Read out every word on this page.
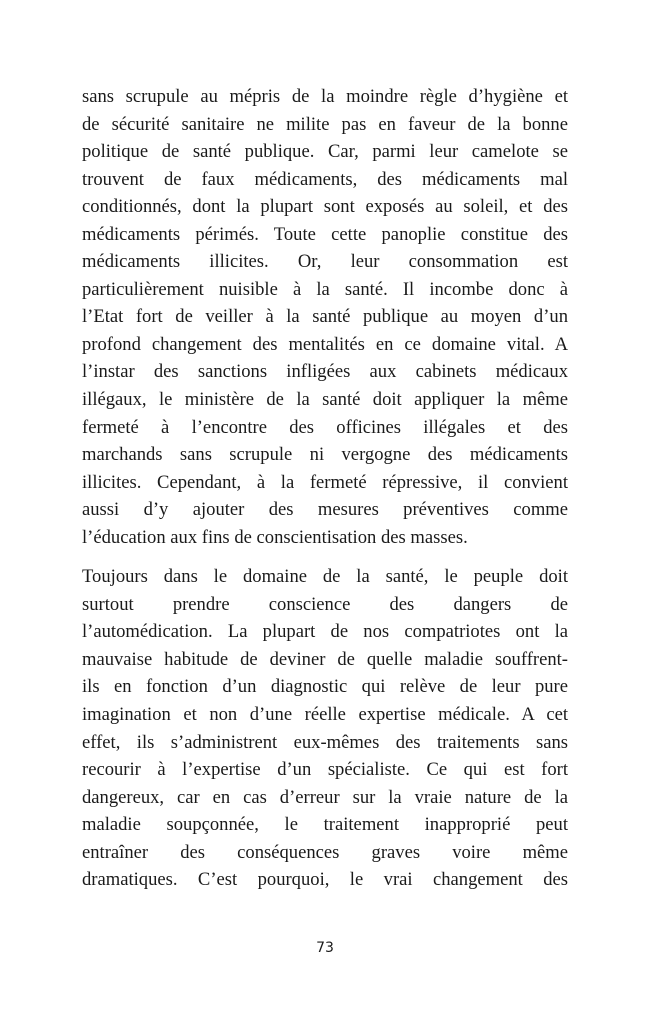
sans scrupule au mépris de la moindre règle d’hygiène et
de sécurité sanitaire ne milite pas en faveur de la bonne
politique de santé publique. Car, parmi leur camelote se
trouvent de faux médicaments, des médicaments mal
conditionnés, dont la plupart sont exposés au soleil, et des
médicaments périmés. Toute cette panoplie constitue des
médicaments illicites. Or, leur consommation est
particulièrement nuisible à la santé. Il incombe donc à
l’Etat fort de veiller à la santé publique au moyen d’un
profond changement des mentalités en ce domaine vital. A
l’instar des sanctions infligées aux cabinets médicaux
illégaux, le ministère de la santé doit appliquer la même
fermeté à l’encontre des officines illégales et des
marchands sans scrupule ni vergogne des médicaments
illicites. Cependant, à la fermeté répressive, il convient
aussi d’y ajouter des mesures préventives comme
l’éducation aux fins de conscientisation des masses.
Toujours dans le domaine de la santé, le peuple doit
surtout prendre conscience des dangers de
l’automédication. La plupart de nos compatriotes ont la
mauvaise habitude de deviner de quelle maladie souffrent-
ils en fonction d’un diagnostic qui relève de leur pure
imagination et non d’une réelle expertise médicale. A cet
effet, ils s’administrent eux-mêmes des traitements sans
recourir à l’expertise d’un spécialiste. Ce qui est fort
dangereux, car en cas d’erreur sur la vraie nature de la
maladie soupçonnée, le traitement inapproprié peut
entraîner des conséquences graves voire même
dramatiques. C’est pourquoi, le vrai changement des
73
